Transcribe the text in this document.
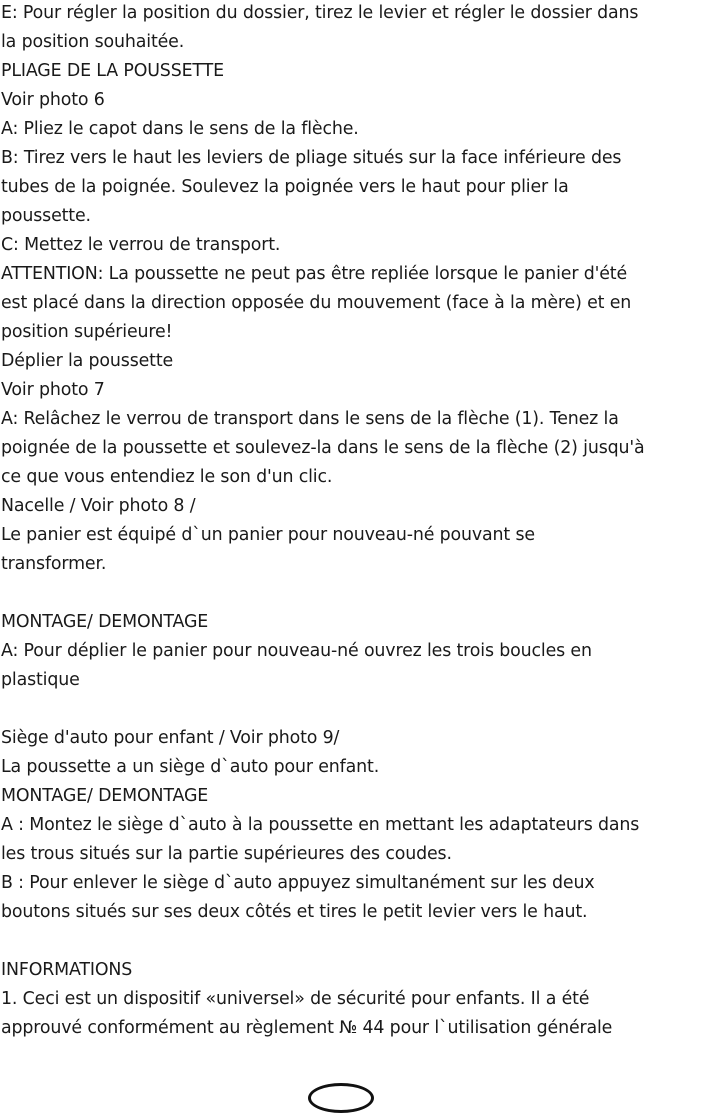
E: Pour régler la position du dossier, tirez le levier et régler le dossier dans
la position souhaitée.
PLIAGE DE LA POUSSETTE
Voir photo 6
A: Pliez le capot dans le sens de la flèche.
B: Tirez vers le haut les leviers de pliage situés sur la face inférieure des
tubes de la poignée. Soulevez la poignée vers le haut pour plier la
poussette.
C: Mettez le verrou de transport.
ATTENTION: La poussette ne peut pas être repliée lorsque le panier d'été
est placé dans la direction opposée du mouvement (face à la mère) et en
position supérieure!
Déplier la poussette
Voir photo 7
A: Relâchez le verrou de transport dans le sens de la flèche (1). Tenez la
poignée de la poussette et soulevez-la dans le sens de la flèche (2) jusqu'à
ce que vous entendiez le son d'un clic.
Nacelle / Voir photo 8 /
Le panier est équipé d`un panier pour nouveau-né pouvant se
transformer.
MONTAGE/ DEMONTAGE
A: Pour déplier le panier pour nouveau-né ouvrez les trois boucles en
plastique
Siège d'auto pour enfant / Voir photo 9/
La poussette a un siège d`auto pour enfant.
MONTAGE/ DEMONTAGE
A : Montez le siège d`auto à la poussette en mettant les adaptateurs dans
les trous situés sur la partie supérieures des coudes.
B : Pour enlever le siège d`auto appuyez simultanément sur les deux
boutons situés sur ses deux côtés et tires le petit levier vers le haut.
INFORMATIONS
1. Ceci est un dispositif «universel» de sécurité pour enfants. Il a été
approuvé conformément au règlement № 44 pour l`utilisation générale
